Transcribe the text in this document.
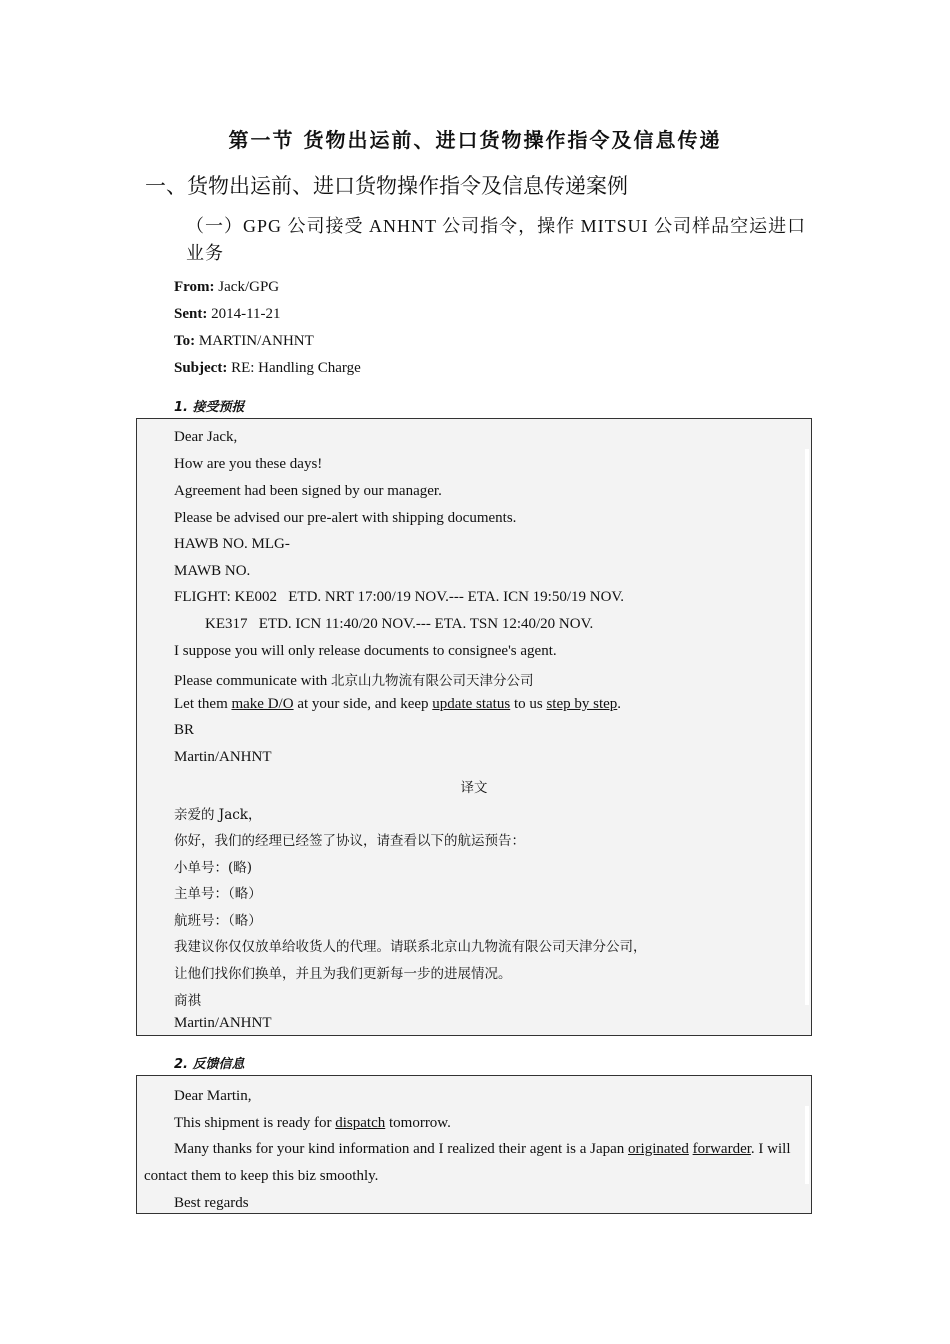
第一节 货物出运前、进口货物操作指令及信息传递
一、货物出运前、进口货物操作指令及信息传递案例
（一）GPG 公司接受 ANHNT 公司指令，操作 MITSUI 公司样品空运进口业务
From: Jack/GPG
Sent: 2014-11-21
To: MARTIN/ANHNT
Subject: RE: Handling Charge
1. 接受预报
Dear Jack,
How are you these days!
Agreement had been signed by our manager.
Please be advised our pre-alert with shipping documents.
HAWB NO. MLG-
MAWB NO.
FLIGHT: KE002   ETD. NRT 17:00/19 NOV.--- ETA. ICN 19:50/19 NOV.
KE317   ETD. ICN 11:40/20 NOV.--- ETA. TSN 12:40/20 NOV.
I suppose you will only release documents to consignee's agent.
Please communicate with 北京山九物流有限公司天津分公司
Let them make D/O at your side, and keep update status to us step by step.
BR
Martin/ANHNT
译文
亲爱的 Jack，
你好，我们的经理已经签了协议，请查看以下的航运预告：
小单号：(略)
主单号：（略）
航班号：（略）
我建议你仅仅放单给收货人的代理。请联系北京山九物流有限公司天津分公司，
让他们找你们换单，并且为我们更新每一步的进展情况。
商祺
Martin/ANHNT
2. 反馈信息
Dear Martin,
This shipment is ready for dispatch tomorrow.
Many thanks for your kind information and I realized their agent is a Japan originated forwarder. I will
contact them to keep this biz smoothly.
Best regards
